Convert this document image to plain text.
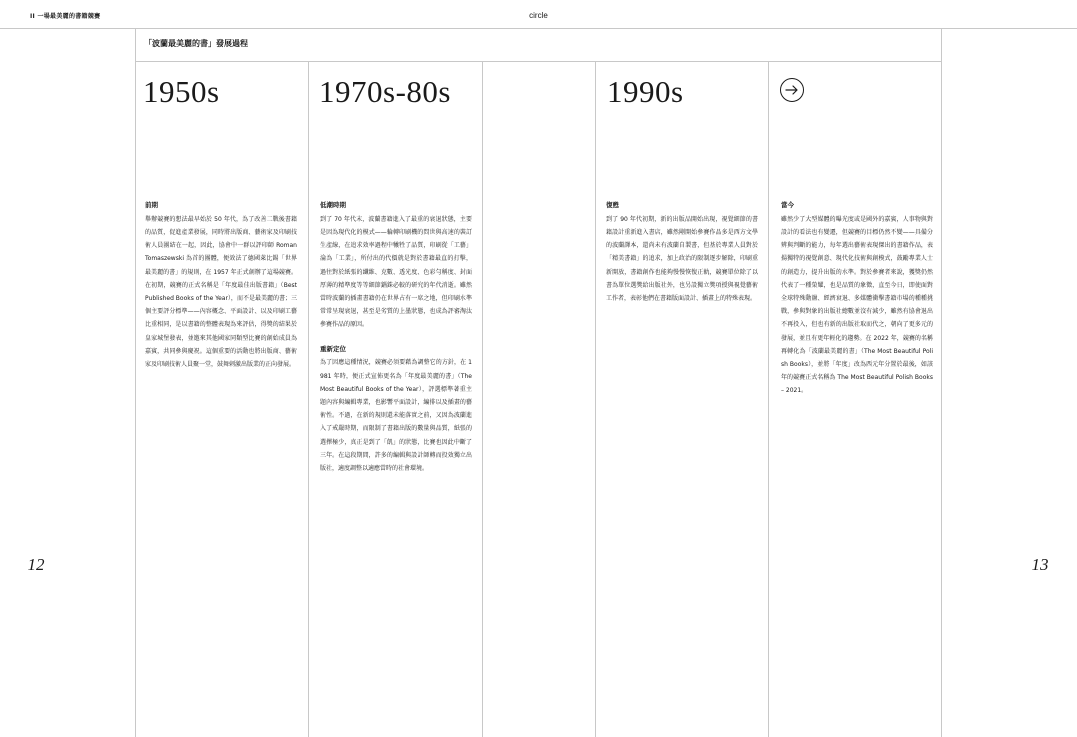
II 一場最美麗的書籍競賽	circle
「波蘭最美麗的書」發展過程
1950s	1970s-80s	1990s
前期

舉辦競賽的想法最早始於 50 年代，為了改善二戰後書籍的品質，促進產業發展，同時將出版商、藝術家及印刷技術人員團結在一起，因此，協會中一群以評印師 Roman Tomaszewski 為首的團體，便效法了德國萊比錫「世界最美麗的書」的規則，在 1957 年正式創辦了這場競賽。在初期，競賽的正式名稱是「年度最佳出版書籍」（Best Published Books of the Year），而不是最美麗的書；三個主要評分標準——內容概念、平面設計、以及印刷工藝比重相同，是以書籍的整體表現為來評估，得獎的結果於皇家城堡發表，並邀來其他國家同類型比賽的創始成員為嘉賓，共同參與慶祝。這個重要的活動也將出版商、藝術家及印刷技術人員聚一堂，鼓舞刺激出版業的正向發展。

低潮時期

到了 70 年代末，波蘭書籍進入了最重的衰退狀態，主要是因為現代化的模式——輪轉印刷機的問世與高速的裝訂生產線，在追求效率過程中犧牲了品質，印刷從「工藝」淪為「工業」，所付出的代價就是對於書籍最直的打擊，過往對於紙張的纖維、克數、透光度、色彩勻稱度、封面厚薄的精準度等等細節錙銖必較的研究的年代消逝。雖然當時波蘭的插畫書籍仍在世界占有一席之地，但印刷水準常常呈現衰退，甚至是劣質的上墨狀態，也成為評審淘汰參賽作品的原因。

重新定位

為了因應這種情況，競賽必須要藉為調整它的方針，在 1981 年時，便正式宣佈更名為「年度最美麗的書」（The Most Beautiful Books of the Year），評選標準著重主題內容與編輯專業，也影響平面設計，編排以及插畫的藝術性。不過，在新的規則還未能落實之前，又因為波蘭進入了戒嚴時期，而限制了書籍出版的數量與品質，紙張的選擇極少，真正是到了「飢」的狀態，比賽也因此中斷了三年。在這段期間，許多的編輯與設計師轉而投效獨立出版社，適度調整以適應當時的社會環境。

復甦

到了 90 年代初期，新的出版品開始出現，視覺細節的書籍設計重新進入書店，雖然剛開始參賽作品多是西方文學的波蘭譯本，還尚未有波蘭自製書，但基於專業人員對於「精美書籍」的追求，加上政治的限制逐步解除，印刷重新開放，書籍創作也能夠慢慢恢復正軌，競賽單位除了以書為單位選獎給出版社外，也另設獨立獎項授與視覺藝術工作者，表彰他們在書籍版面設計、插畫上的特殊表現。

當今

雖然少了大型媒體的曝光度或是國外的嘉賓，人事物與對設計的看法也有變遷，但競賽的目標仍然不變——具備分辨與判斷的能力，每年選出藝術表現傑出的書籍作品，表揚獨特的視覺創意、現代化技術與創模式，鼓勵專業人士的創造力，提升出版的水準。對於參賽者來說，獲獎仍然代表了一種榮耀，也是品質的象徵，直至今日，即使面對全球特殊動盪、經濟衰退、多媒體衝擊書籍市場的種種挑戰，參與對象的出版社總數並沒有減少，雖然有協會退出不再投入，但也有新的出版社取而代之，朝向了更多元的發展，並且有更年輕化的趨勢。在 2022 年，競賽的名稱再轉化為「波蘭最美麗的書」（The Most Beautiful Polish Books），並將「年度」改為西元年分置於最後，如該年的競賽正式名稱為 The Most Beautiful Polish Books – 2021。

12	13
